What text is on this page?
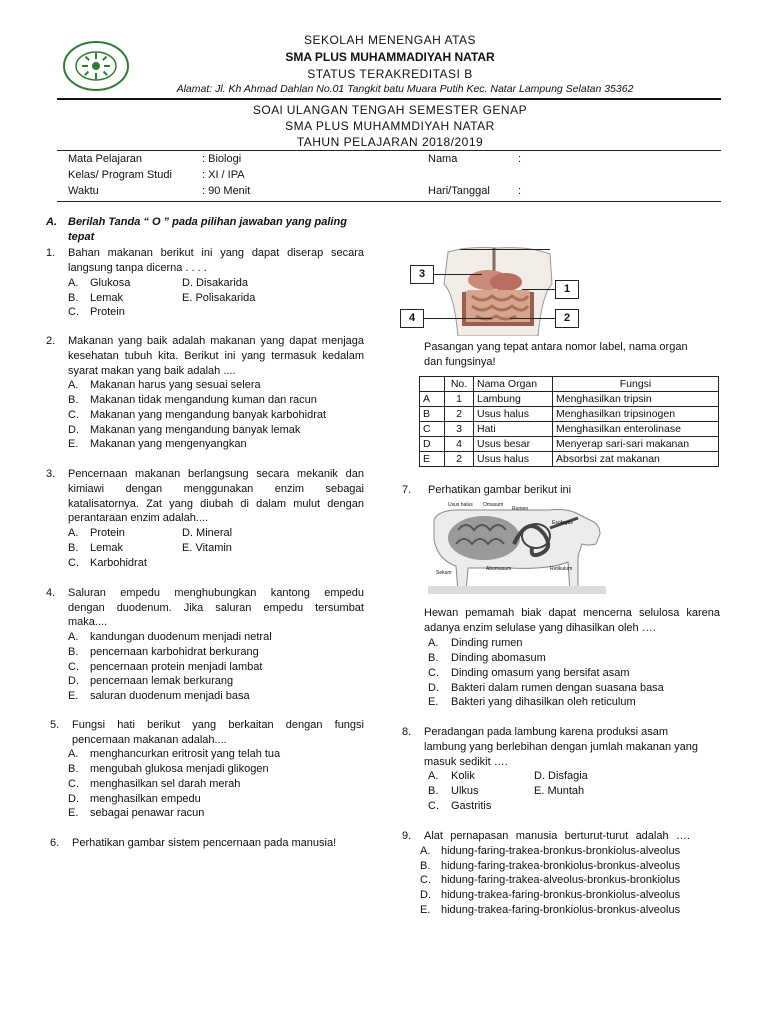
SEKOLAH MENENGAH ATAS
SMA PLUS MUHAMMADIYAH NATAR
STATUS TERAKREDITASI B
Alamat: Jl. Kh Ahmad Dahlan No.01 Tangkit batu Muara Putih Kec. Natar Lampung Selatan 35362
SOAl ULANGAN TENGAH SEMESTER GENAP
SMA PLUS MUHAMMDIYAH NATAR
TAHUN PELAJARAN 2018/2019
Mata Pelajaran	: Biologi	Nama	:
Kelas/ Program Studi	: XI / IPA
Waktu	: 90 Menit	Hari/Tanggal	:
A. Berilah Tanda “ O ” pada pilihan jawaban yang paling
tepat
1. Bahan makanan berikut ini yang dapat diserap secara
langsung tanpa dicerna . . . .
A. Glukosa	D. Disakarida
B. Lemak	E. Polisakarida
C. Protein
2. Makanan yang baik adalah makanan yang dapat menjaga
kesehatan tubuh kita. Berikut ini yang termasuk kedalam
syarat makan yang baik adalah ....
A. Makanan harus yang sesuai selera
B. Makanan tidak mengandung kuman dan racun
C. Makanan yang mengandung banyak karbohidrat
D. Makanan yang mengandung banyak lemak
E. Makanan yang mengenyangkan
3. Pencernaan makanan berlangsung secara mekanik dan
kimiawi dengan menggunakan enzim sebagai
katalisatornya. Zat yang diubah di dalam mulut dengan
perantaraan enzim adalah....
A. Protein	D. Mineral
B. Lemak	E. Vitamin
C. Karbohidrat
4. Saluran empedu menghubungkan kantong empedu
dengan duodenum. Jika saluran empedu tersumbat
maka....
A. kandungan duodenum menjadi netral
B. pencernaan karbohidrat berkurang
C. pencernaan protein menjadi lambat
D. pencernaan lemak berkurang
E. saluran duodenum menjadi basa
5. Fungsi hati berikut yang berkaitan dengan fungsi
pencernaan makanan adalah....
A. menghancurkan eritrosit yang telah tua
B. mengubah glukosa menjadi glikogen
C. menghasilkan sel darah merah
D. menghasilkan empedu
E. sebagai penawar racun
6. Perhatikan gambar sistem pencernaan pada manusia!
3
1
4	2
Pasangan yang tepat antara nomor label, nama organ
dan fungsinya!
	No.	Nama Organ	Fungsi
A	1	Lambung	Menghasilkan tripsin
B	2	Usus halus	Menghasilkan tripsinogen
C	3	Hati	Menghasilkan enterolinase
D	4	Usus besar	Menyerap sari-sari makanan
E	2	Usus halus	Absorbsi zat makanan
7. Perhatikan gambar berikut ini
Usus halus Omasum
Rumen
Esofagus
Retikulum
Abomasum
Sekum
Hewan pemamah biak dapat mencerna selulosa karena
adanya enzim selulase yang dihasilkan oleh ….
A. Dinding rumen
B. Dinding abomasum
C. Dinding omasum yang bersifat asam
D. Bakteri dalam rumen dengan suasana basa
E. Bakteri yang dihasilkan oleh reticulum
8. Peradangan pada lambung karena produksi asam
lambung yang berlebihan dengan jumlah makanan yang
masuk sedikit ….
A. Kolik	D. Disfagia
B. Ulkus	E. Muntah
C. Gastritis
9. Alat pernapasan manusia berturut-turut adalah ….
A. hidung-faring-trakea-bronkus-bronkiolus-alveolus
B. hidung-faring-trakea-bronkiolus-bronkus-alveolus
C. hidung-faring-trakea-alveolus-bronkus-bronkiolus
D. hidung-trakea-faring-bronkus-bronkiolus-alveolus
E. hidung-trakea-faring-bronkiolus-bronkus-alveolus
